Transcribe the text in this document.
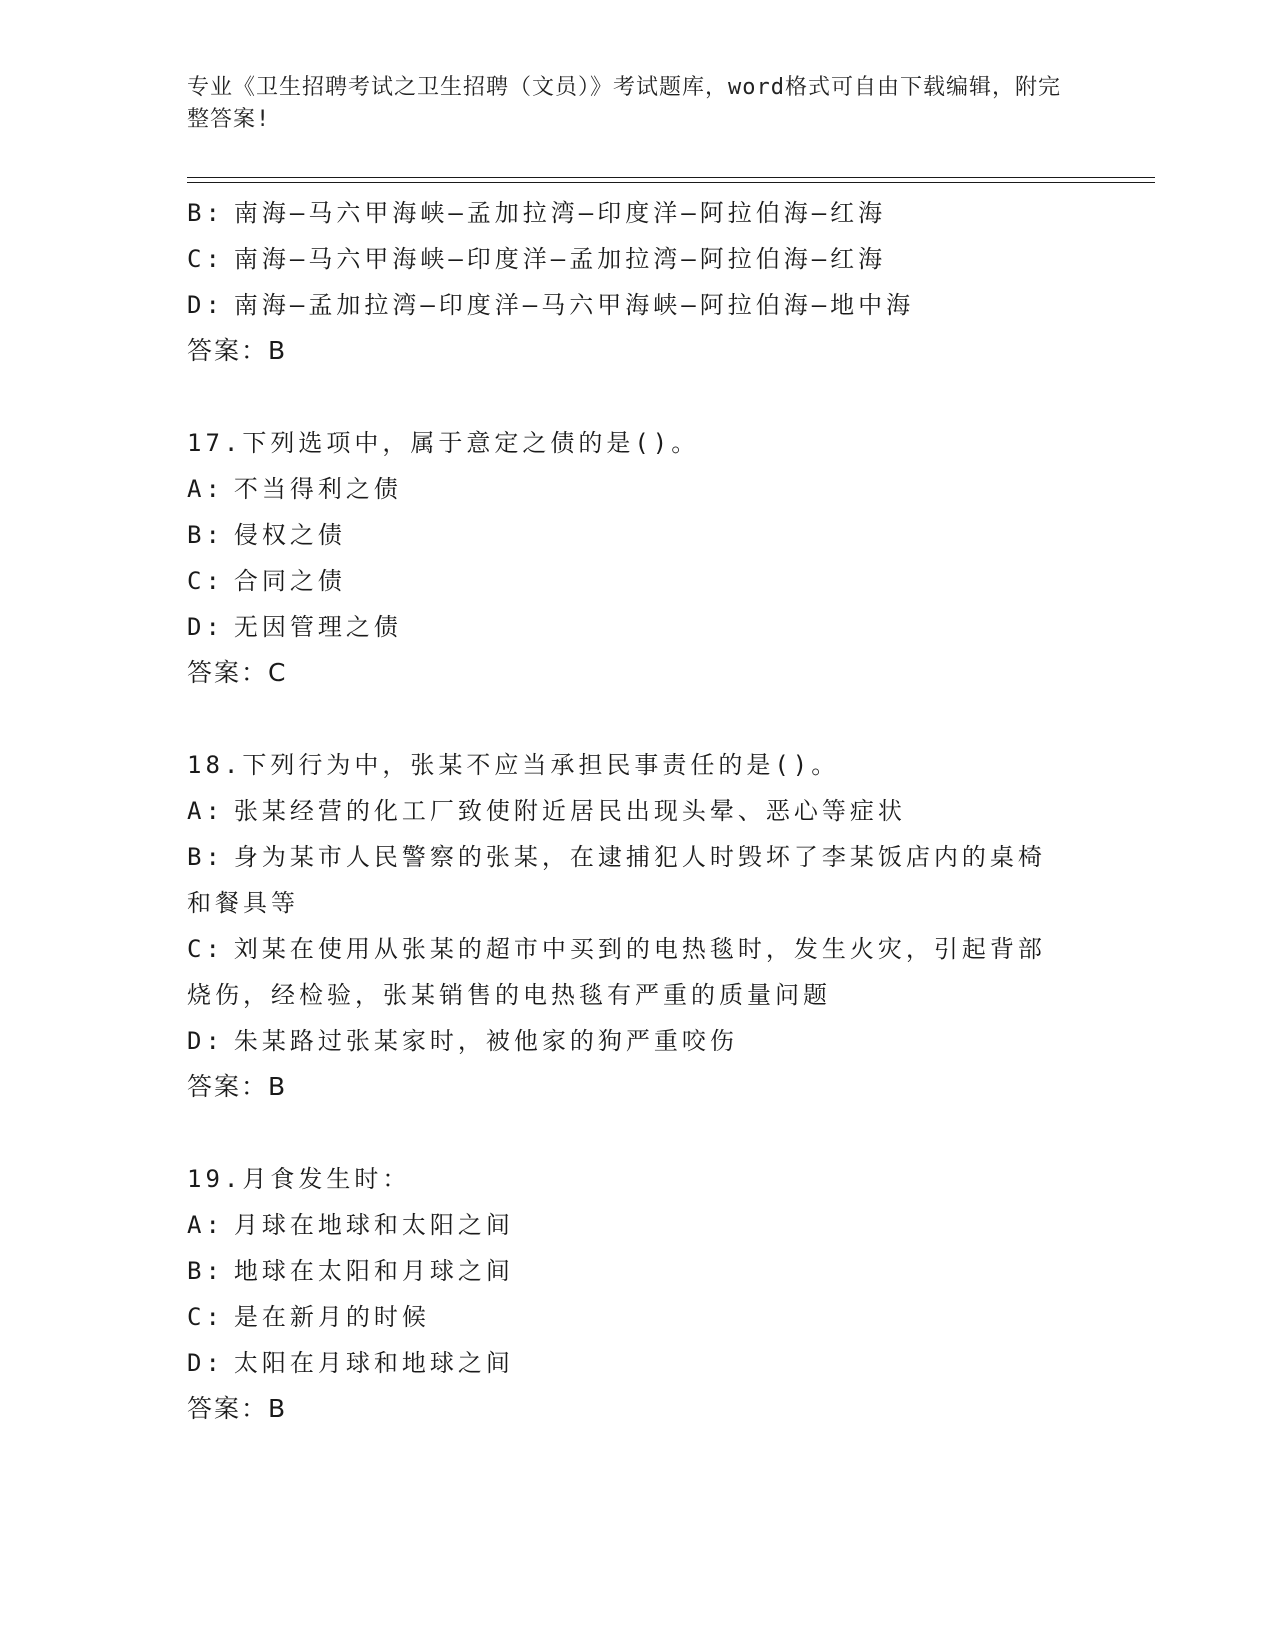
专业《卫生招聘考试之卫生招聘（文员）》考试题库，word格式可自由下载编辑，附完整答案!
B: 南海—马六甲海峡—孟加拉湾—印度洋—阿拉伯海—红海
C: 南海—马六甲海峡—印度洋—孟加拉湾—阿拉伯海—红海
D: 南海—孟加拉湾—印度洋—马六甲海峡—阿拉伯海—地中海
答案：B
17.下列选项中，属于意定之债的是()。
A: 不当得利之债
B: 侵权之债
C: 合同之债
D: 无因管理之债
答案：C
18.下列行为中，张某不应当承担民事责任的是()。
A: 张某经营的化工厂致使附近居民出现头晕、恶心等症状
B: 身为某市人民警察的张某，在逮捕犯人时毁坏了李某饭店内的桌椅和餐具等
C: 刘某在使用从张某的超市中买到的电热毯时，发生火灾，引起背部烧伤，经检验，张某销售的电热毯有严重的质量问题
D: 朱某路过张某家时，被他家的狗严重咬伤
答案：B
19.月食发生时：
A: 月球在地球和太阳之间
B: 地球在太阳和月球之间
C: 是在新月的时候
D: 太阳在月球和地球之间
答案：B
